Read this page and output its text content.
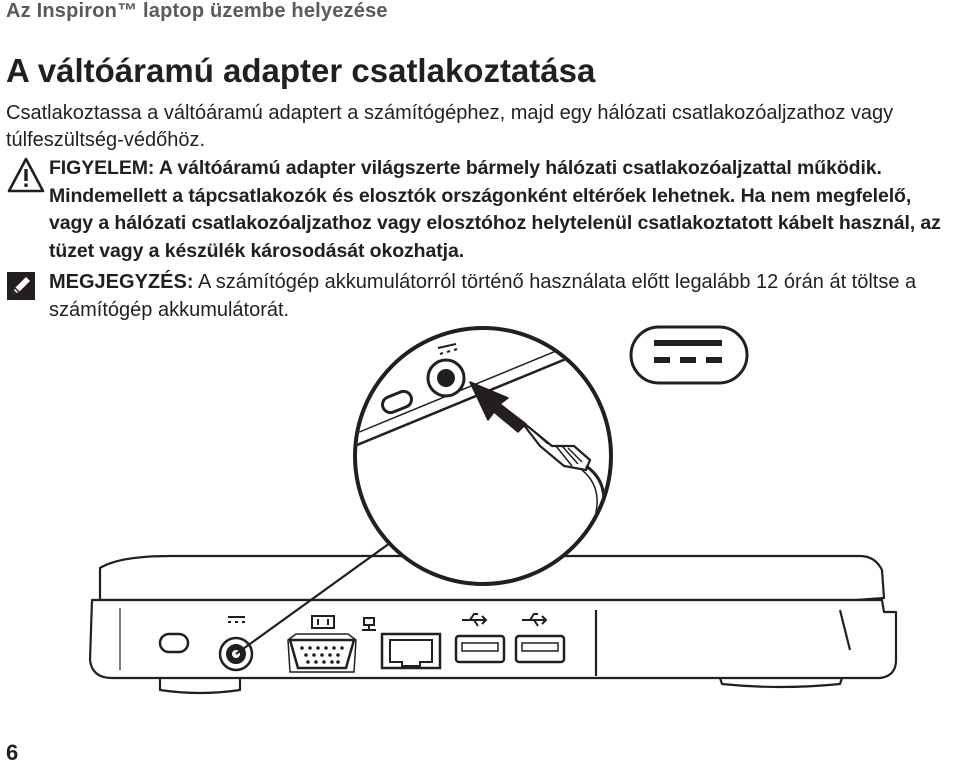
Az Inspiron™ laptop üzembe helyezése
A váltóáramú adapter csatlakoztatása
Csatlakoztassa a váltóáramú adaptert a számítógéphez, majd egy hálózati csatlakozóaljzathoz vagy túlfeszültség-védőhöz.
FIGYELEM: A váltóáramú adapter világszerte bármely hálózati csatlakozóaljzattal működik. Mindemellett a tápcsatlakozók és elosztók országonként eltérőek lehetnek. Ha nem megfelelő, vagy a hálózati csatlakozóaljzathoz vagy elosztóhoz helytelenül csatlakoztatott kábelt használ, az tüzet vagy a készülék károsodását okozhatja.
MEGJEGYZÉS: A számítógép akkumulátorról történő használata előtt legalább 12 órán át töltse a számítógép akkumulátorát.
6
